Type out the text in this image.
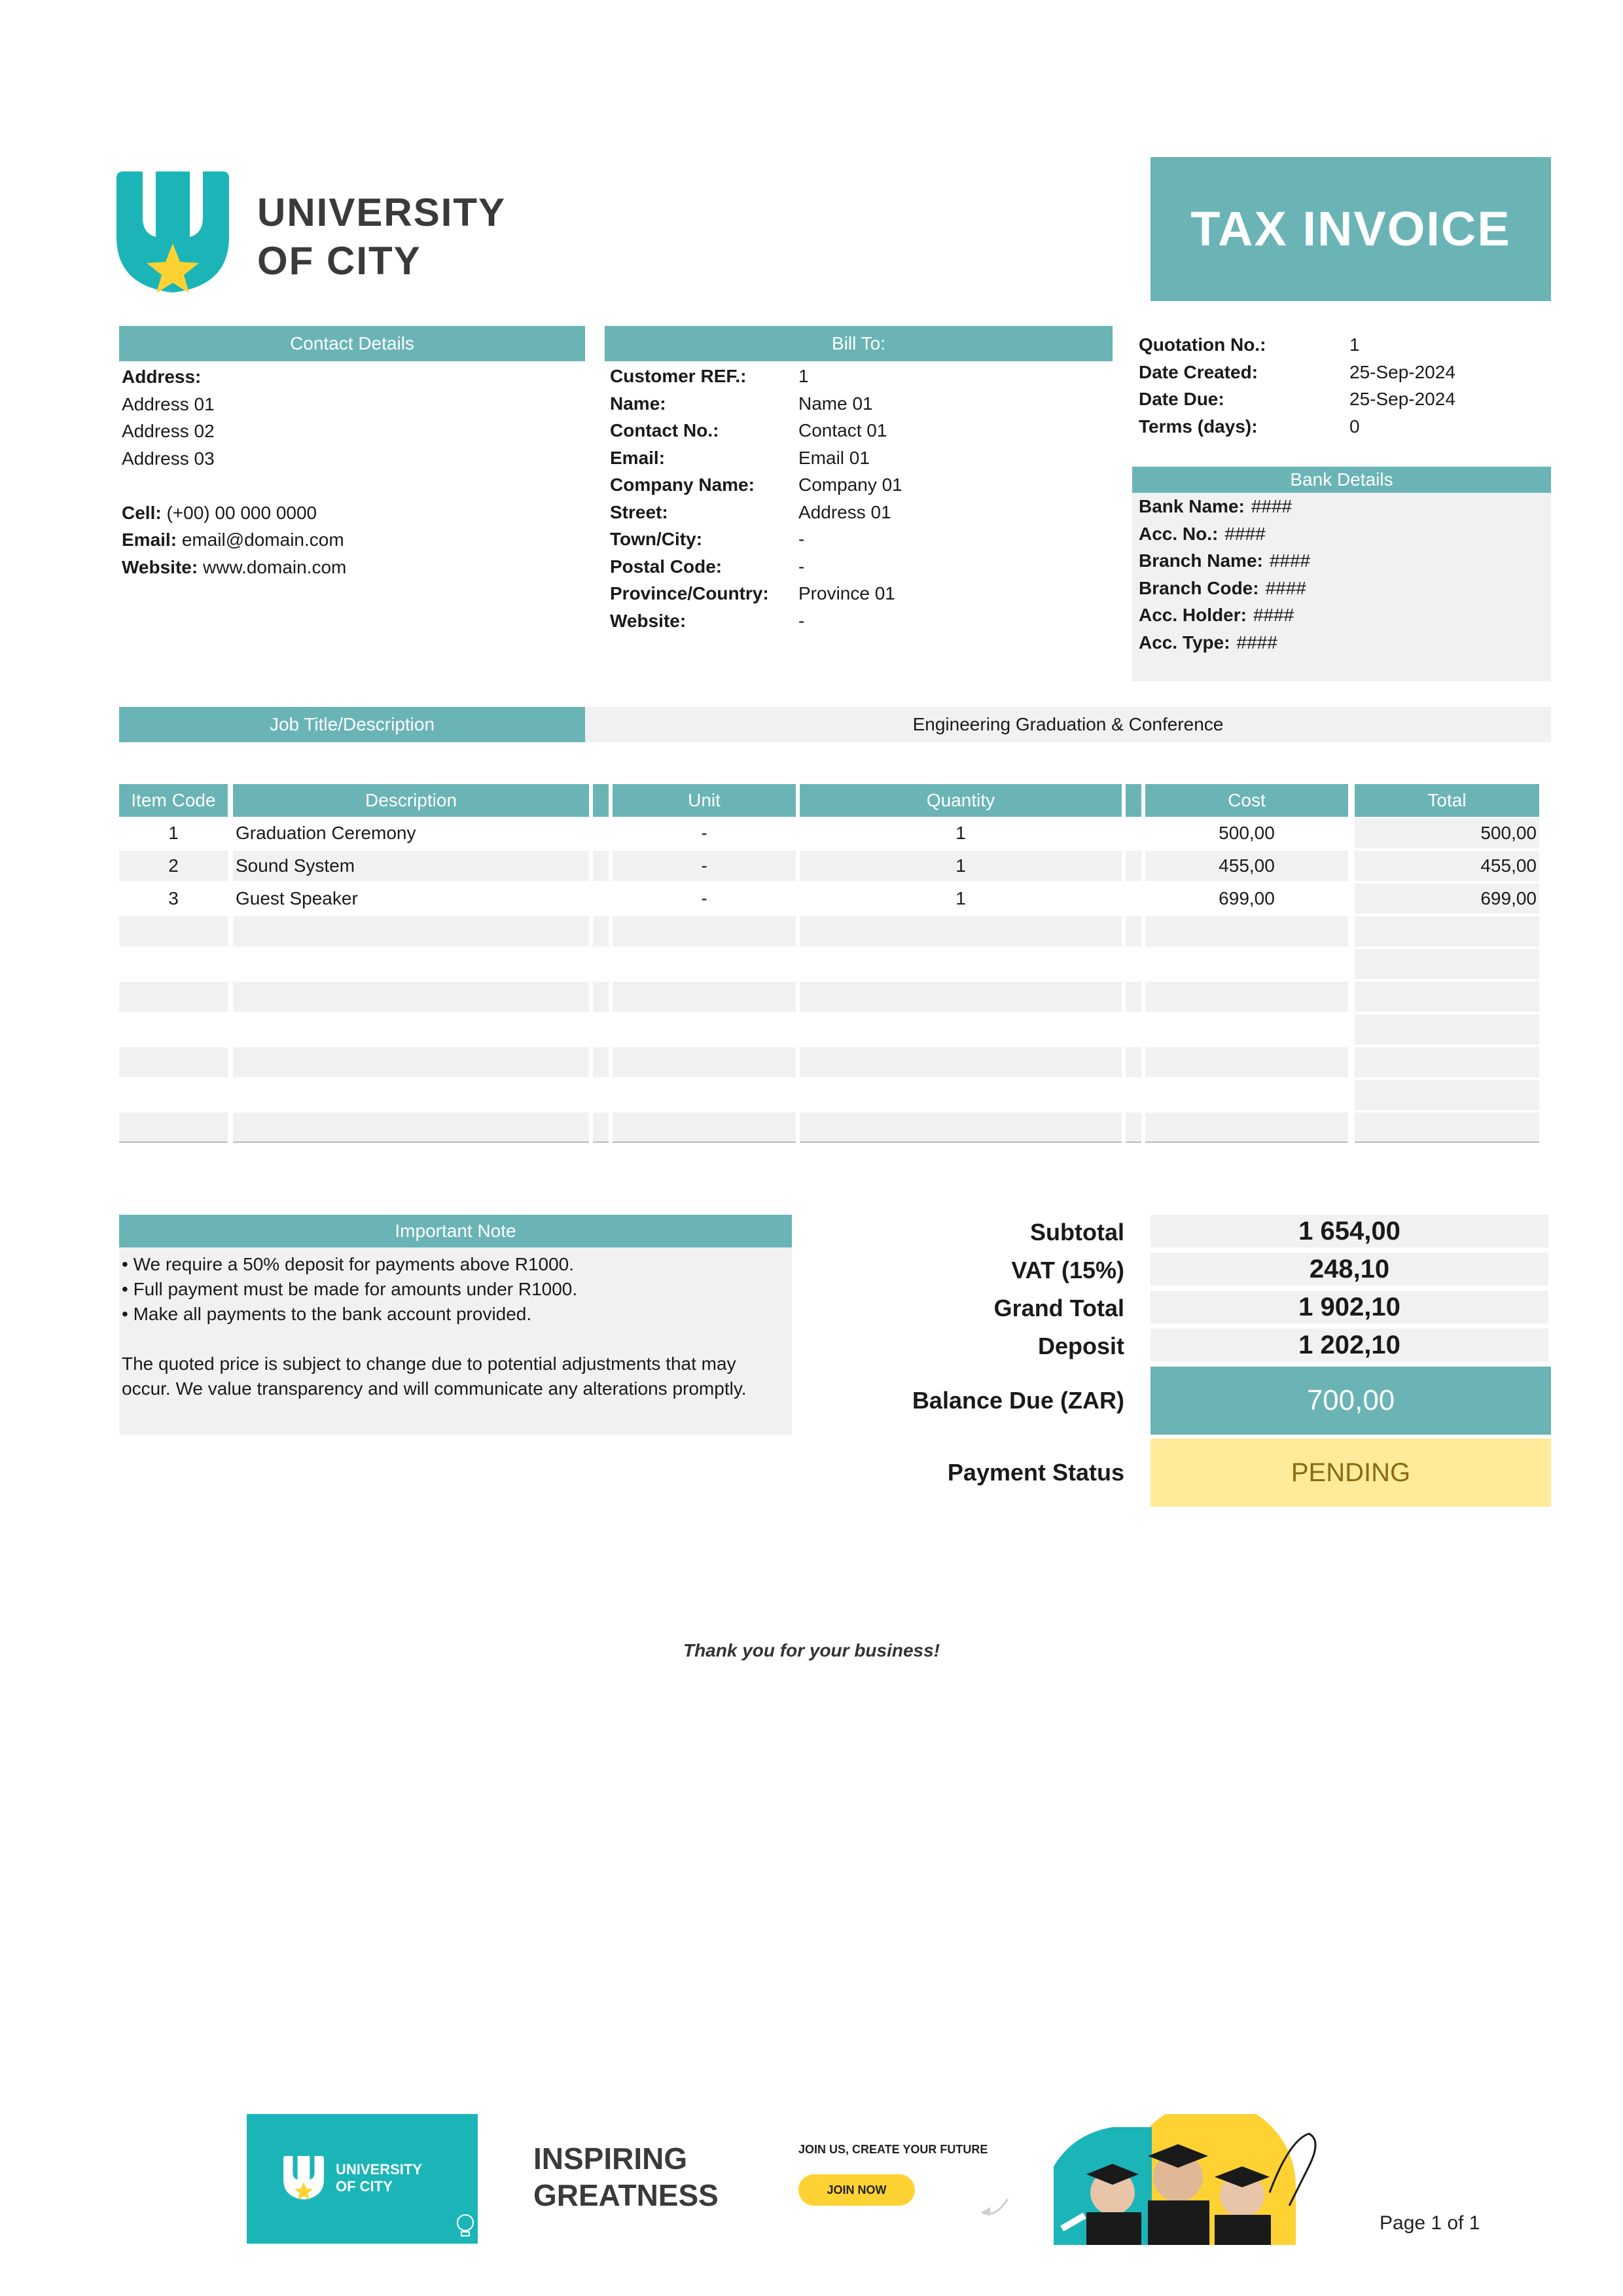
UNIVERSITY
OF CITY
TAX INVOICE
Contact Details
Address:
Address 01
Address 02
Address 03
Cell: (+00) 00 000 0000
Email: email@domain.com
Website: www.domain.com
Bill To:
Customer REF.:	1
Name:	Name 01
Contact No.:	Contact 01
Email:	Email 01
Company Name:	Company 01
Street:	Address 01
Town/City:	-
Postal Code:	-
Province/Country:	Province 01
Website:	-
Quotation No.:	1
Date Created:	25-Sep-2024
Date Due:	25-Sep-2024
Terms (days):	0
Bank Details
Bank Name: ####
Acc. No.: ####
Branch Name: ####
Branch Code: ####
Acc. Holder: ####
Acc. Type: ####
Job Title/Description	Engineering Graduation & Conference
Item Code	Description	Unit	Quantity	Cost	Total
1	Graduation Ceremony	-	1	500,00	500,00
2	Sound System	-	1	455,00	455,00
3	Guest Speaker	-	1	699,00	699,00
Important Note
• We require a 50% deposit for payments above R1000.
• Full payment must be made for amounts under R1000.
• Make all payments to the bank account provided.
The quoted price is subject to change due to potential adjustments that may occur. We value transparency and will communicate any alterations promptly.
Subtotal	1 654,00
VAT (15%)	248,10
Grand Total	1 902,10
Deposit	1 202,10
Balance Due (ZAR)	700,00
Payment Status	PENDING
Thank you for your business!
UNIVERSITY
OF CITY
INSPIRING
GREATNESS
JOIN US, CREATE YOUR FUTURE
JOIN NOW
Page 1 of 1
